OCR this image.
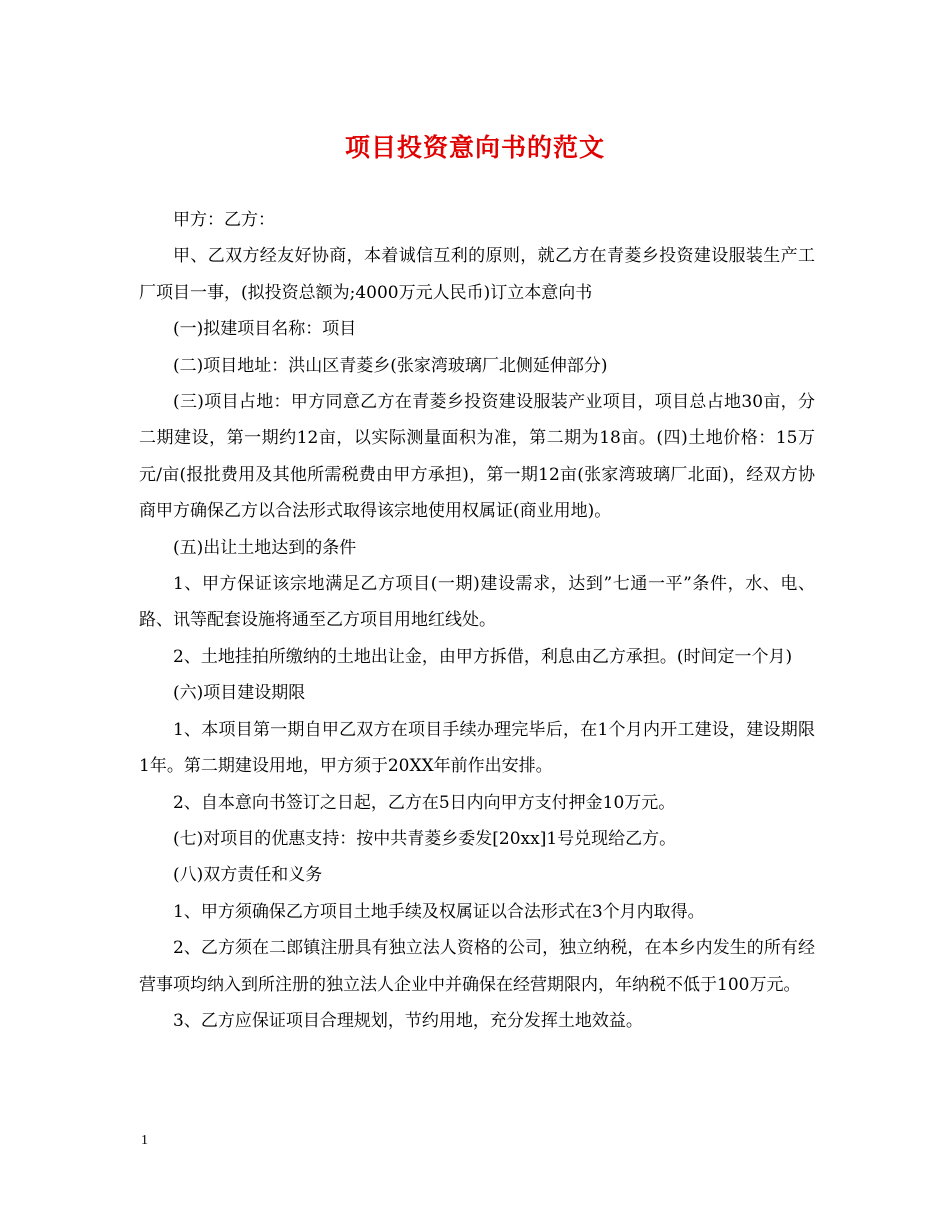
项目投资意向书的范文

甲方：乙方：

甲、乙双方经友好协商，本着诚信互利的原则，就乙方在青菱乡投资建设服装生产工厂项目一事，(拟投资总额为;4000万元人民币)订立本意向书

(一)拟建项目名称：项目

(二)项目地址：洪山区青菱乡(张家湾玻璃厂北侧延伸部分)

(三)项目占地：甲方同意乙方在青菱乡投资建设服装产业项目，项目总占地30亩，分二期建设，第一期约12亩，以实际测量面积为准，第二期为18亩。(四)土地价格：15万元/亩(报批费用及其他所需税费由甲方承担)，第一期12亩(张家湾玻璃厂北面)，经双方协商甲方确保乙方以合法形式取得该宗地使用权属证(商业用地)。

(五)出让土地达到的条件

1、甲方保证该宗地满足乙方项目(一期)建设需求，达到”七通一平”条件，水、电、路、讯等配套设施将通至乙方项目用地红线处。

2、土地挂拍所缴纳的土地出让金，由甲方拆借，利息由乙方承担。(时间定一个月)

(六)项目建设期限

1、本项目第一期自甲乙双方在项目手续办理完毕后，在1个月内开工建设，建设期限1年。第二期建设用地，甲方须于20XX年前作出安排。

2、自本意向书签订之日起，乙方在5日内向甲方支付押金10万元。

(七)对项目的优惠支持：按中共青菱乡委发[20xx]1号兑现给乙方。

(八)双方责任和义务

1、甲方须确保乙方项目土地手续及权属证以合法形式在3个月内取得。

2、乙方须在二郎镇注册具有独立法人资格的公司，独立纳税，在本乡内发生的所有经营事项均纳入到所注册的独立法人企业中并确保在经营期限内，年纳税不低于100万元。

3、乙方应保证项目合理规划，节约用地，充分发挥土地效益。

1
